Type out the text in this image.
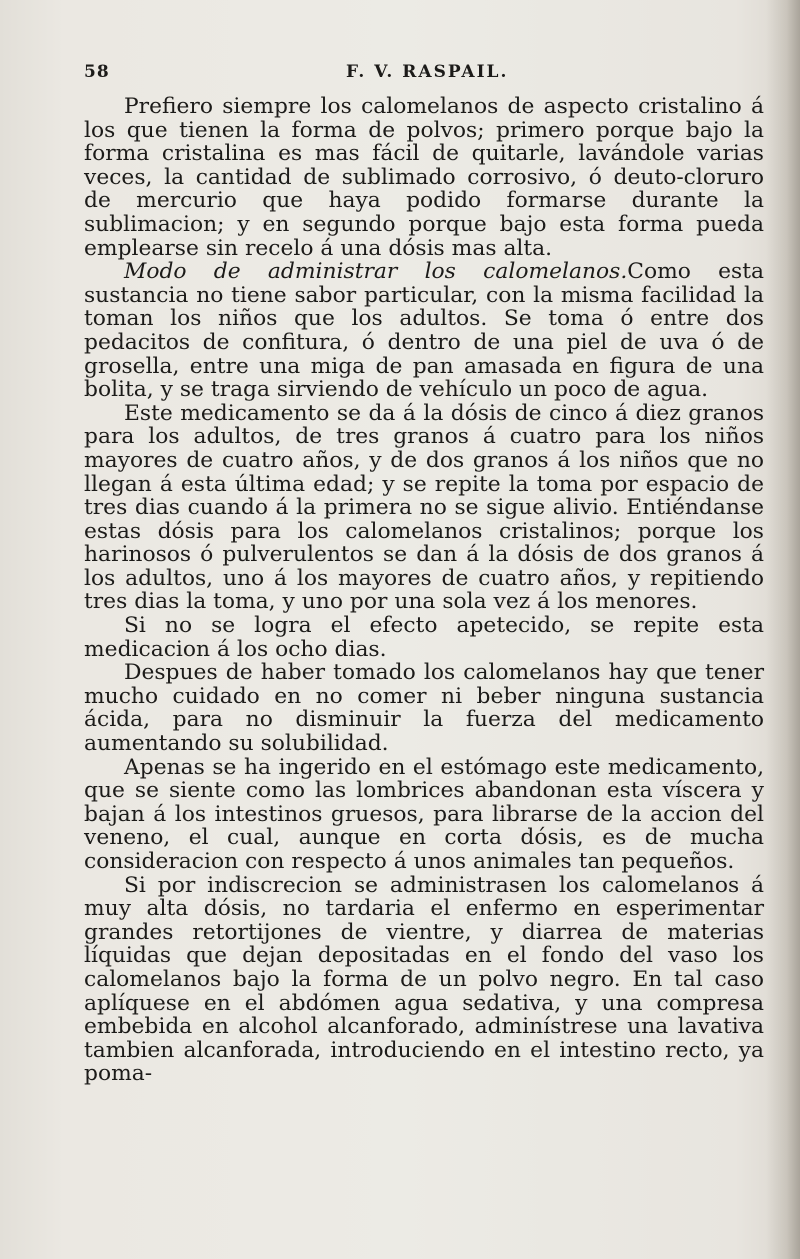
58	F. V. RASPAIL.

Prefiero siempre los calomelanos de aspecto cristalino á los que tienen la forma de polvos; primero porque bajo la forma cristalina es mas fácil de quitarle, lavándole varias veces, la cantidad de sublimado corrosivo, ó deuto-cloruro de mercurio que haya podido formarse durante la sublimacion; y en segundo porque bajo esta forma pueda emplearse sin recelo á una dósis mas alta.

Modo de administrar los calomelanos.Como esta sustancia no tiene sabor particular, con la misma facilidad la toman los niños que los adultos. Se toma ó entre dos pedacitos de confitura, ó dentro de una piel de uva ó de grosella, entre una miga de pan amasada en figura de una bolita, y se traga sirviendo de vehículo un poco de agua.

Este medicamento se da á la dósis de cinco á diez granos para los adultos, de tres granos á cuatro para los niños mayores de cuatro años, y de dos granos á los niños que no llegan á esta última edad; y se repite la toma por espacio de tres dias cuando á la primera no se sigue alivio. Entiéndanse estas dósis para los calomelanos cristalinos; porque los harinosos ó pulverulentos se dan á la dósis de dos granos á los adultos, uno á los mayores de cuatro años, y repitiendo tres dias la toma, y uno por una sola vez á los menores.

Si no se logra el efecto apetecido, se repite esta medicacion á los ocho dias.

Despues de haber tomado los calomelanos hay que tener mucho cuidado en no comer ni beber ninguna sustancia ácida, para no disminuir la fuerza del medicamento aumentando su solubilidad.

Apenas se ha ingerido en el estómago este medicamento, que se siente como las lombrices abandonan esta víscera y bajan á los intestinos gruesos, para librarse de la accion del veneno, el cual, aunque en corta dósis, es de mucha consideracion con respecto á unos animales tan pequeños.

Si por indiscrecion se administrasen los calomelanos á muy alta dósis, no tardaria el enfermo en esperimentar grandes retortijones de vientre, y diarrea de materias líquidas que dejan depositadas en el fondo del vaso los calomelanos bajo la forma de un polvo negro. En tal caso aplíquese en el abdómen agua sedativa, y una compresa embebida en alcohol alcanforado, adminístrese una lavativa tambien alcanforada, introduciendo en el intestino recto, ya poma-
